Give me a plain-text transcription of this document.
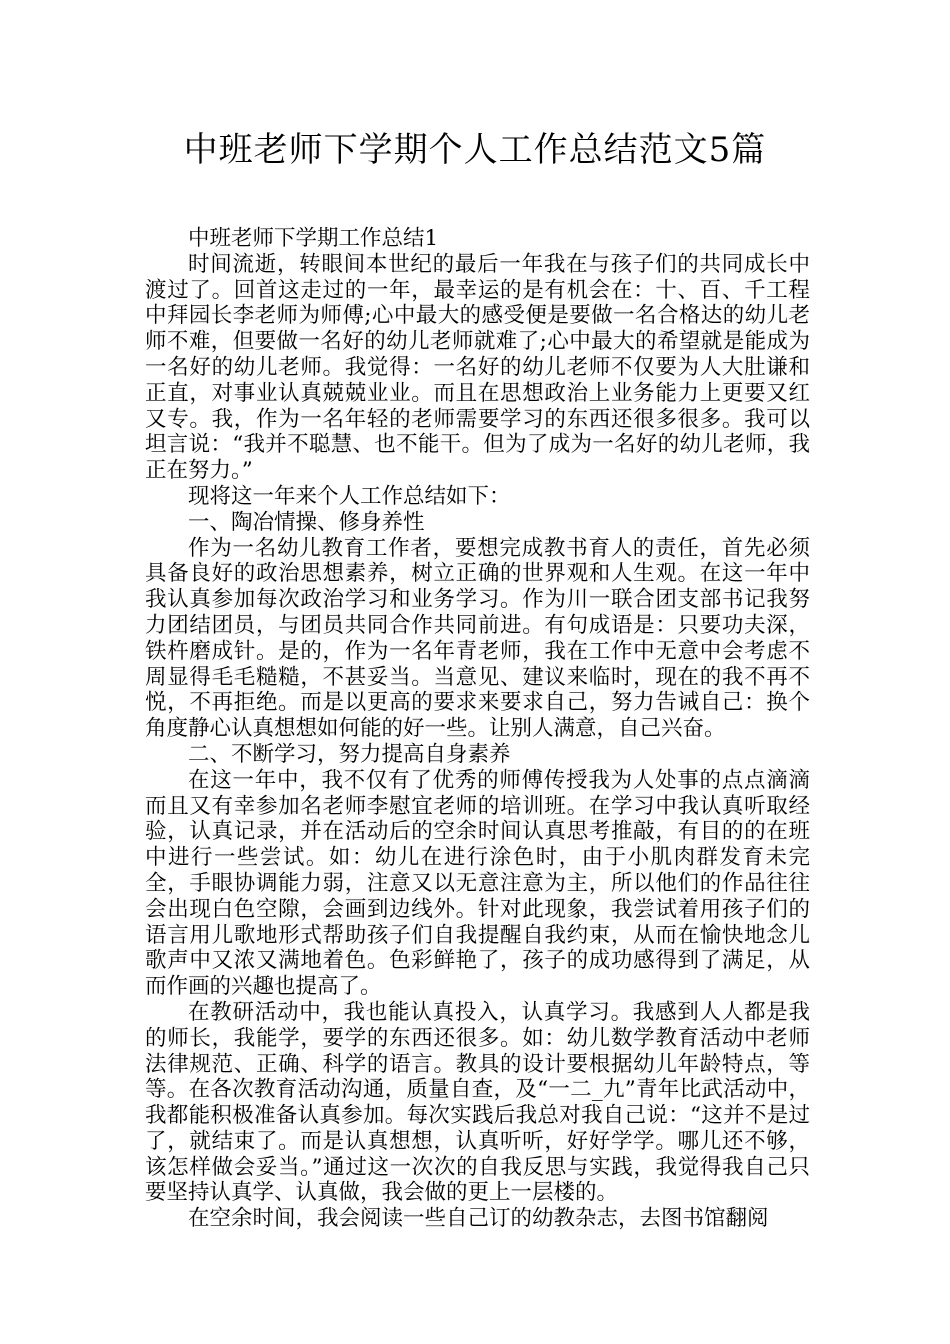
中班老师下学期个人工作总结范文5篇

中班老师下学期工作总结1

时间流逝，转眼间本世纪的最后一年我在与孩子们的共同成长中渡过了。回首这走过的一年，最幸运的是有机会在：十、百、千工程中拜园长李老师为师傅;心中最大的感受便是要做一名合格达的幼儿老师不难，但要做一名好的幼儿老师就难了;心中最大的希望就是能成为一名好的幼儿老师。我觉得：一名好的幼儿老师不仅要为人大肚谦和正直，对事业认真兢兢业业。而且在思想政治上业务能力上更要又红又专。我，作为一名年轻的老师需要学习的东西还很多很多。我可以坦言说：“我并不聪慧、也不能干。但为了成为一名好的幼儿老师，我正在努力。”

现将这一年来个人工作总结如下：

一、陶冶情操、修身养性

作为一名幼儿教育工作者，要想完成教书育人的责任，首先必须具备良好的政治思想素养，树立正确的世界观和人生观。在这一年中我认真参加每次政治学习和业务学习。作为川一联合团支部书记我努力团结团员，与团员共同合作共同前进。有句成语是：只要功夫深，铁杵磨成针。是的，作为一名年青老师，我在工作中无意中会考虑不周显得毛毛糙糙，不甚妥当。当意见、建议来临时，现在的我不再不悦，不再拒绝。而是以更高的要求来要求自己，努力告诫自己：换个角度静心认真想想如何能的好一些。让别人满意，自己兴奋。

二、不断学习，努力提高自身素养

在这一年中，我不仅有了优秀的师傅传授我为人处事的点点滴滴而且又有幸参加名老师李慰宜老师的培训班。在学习中我认真听取经验，认真记录，并在活动后的空余时间认真思考推敲，有目的的在班中进行一些尝试。如：幼儿在进行涂色时，由于小肌肉群发育未完全，手眼协调能力弱，注意又以无意注意为主，所以他们的作品往往会出现白色空隙，会画到边线外。针对此现象，我尝试着用孩子们的语言用儿歌地形式帮助孩子们自我提醒自我约束，从而在愉快地念儿歌声中又浓又满地着色。色彩鲜艳了，孩子的成功感得到了满足，从而作画的兴趣也提高了。

在教研活动中，我也能认真投入，认真学习。我感到人人都是我的师长，我能学，要学的东西还很多。如：幼儿数学教育活动中老师法律规范、正确、科学的语言。教具的设计要根据幼儿年龄特点，等等。在各次教育活动沟通，质量自查，及“一二_九”青年比武活动中，我都能积极准备认真参加。每次实践后我总对我自己说：“这并不是过了，就结束了。而是认真想想，认真听听，好好学学。哪儿还不够，该怎样做会妥当。”通过这一次次的自我反思与实践，我觉得我自己只要坚持认真学、认真做，我会做的更上一层楼的。

在空余时间，我会阅读一些自己订的幼教杂志，去图书馆翻阅
